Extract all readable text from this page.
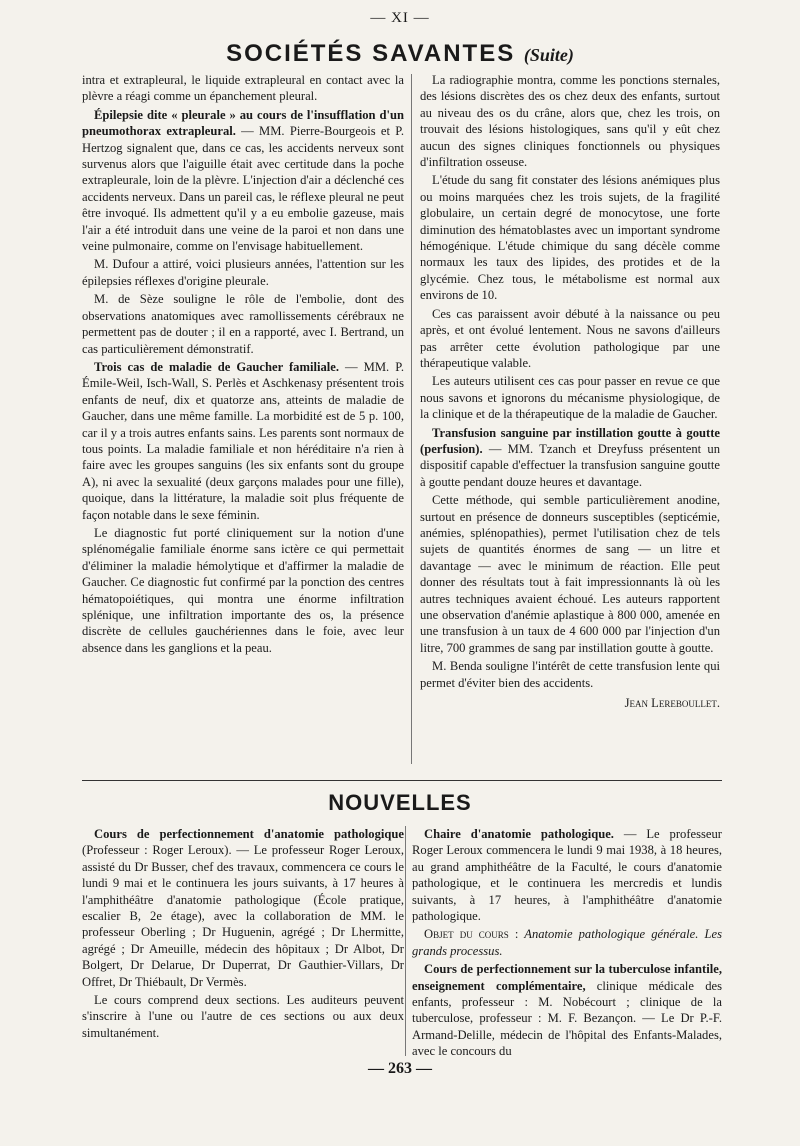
— XI —
SOCIÉTÉS SAVANTES (Suite)

intra et extrapleural, le liquide extrapleural en contact avec la plèvre a réagi comme un épanchement pleural.

Épilepsie dite « pleurale » au cours de l'insufflation d'un pneumothorax extrapleural. — MM. Pierre-Bourgeois et P. Hertzog signalent que, dans ce cas, les accidents nerveux sont survenus alors que l'aiguille était avec certitude dans la poche extrapleurale, loin de la plèvre. L'injection d'air a déclenché ces accidents nerveux. Dans un pareil cas, le réflexe pleural ne peut être invoqué. Ils admettent qu'il y a eu embolie gazeuse, mais l'air a été introduit dans une veine de la paroi et non dans une veine pulmonaire, comme on l'envisage habituellement.

M. Dufour a attiré, voici plusieurs années, l'attention sur les épilepsies réflexes d'origine pleurale.

M. de Sèze souligne le rôle de l'embolie, dont des observations anatomiques avec ramollissements cérébraux ne permettent pas de douter ; il en a rapporté, avec I. Bertrand, un cas particulièrement démonstratif.

Trois cas de maladie de Gaucher familiale. — MM. P. Émile-Weil, Isch-Wall, S. Perlès et Aschkenasy présentent trois enfants de neuf, dix et quatorze ans, atteints de maladie de Gaucher, dans une même famille. La morbidité est de 5 p. 100, car il y a trois autres enfants sains. Les parents sont normaux de tous points. La maladie familiale et non héréditaire n'a rien à faire avec les groupes sanguins (les six enfants sont du groupe A), ni avec la sexualité (deux garçons malades pour une fille), quoique, dans la littérature, la maladie soit plus fréquente de façon notable dans le sexe féminin.

Le diagnostic fut porté cliniquement sur la notion d'une splénomégalie familiale énorme sans ictère ce qui permettait d'éliminer la maladie hémolytique et d'affirmer la maladie de Gaucher. Ce diagnostic fut confirmé par la ponction des centres hématopoiétiques, qui montra une énorme infiltration splénique, une infiltration importante des os, la présence discrète de cellules gauchériennes dans le foie, avec leur absence dans les ganglions et la peau.

La radiographie montra, comme les ponctions sternales, des lésions discrètes des os chez deux des enfants, surtout au niveau des os du crâne, alors que, chez les trois, on trouvait des lésions histologiques, sans qu'il y eût chez aucun des signes cliniques fonctionnels ou physiques d'infiltration osseuse.

L'étude du sang fit constater des lésions anémiques plus ou moins marquées chez les trois sujets, de la fragilité globulaire, un certain degré de monocytose, une forte diminution des hématoblastes avec un important syndrome hémogénique. L'étude chimique du sang décèle comme normaux les taux des lipides, des protides et de la glycémie. Chez tous, le métabolisme est normal aux environs de 10.

Ces cas paraissent avoir débuté à la naissance ou peu après, et ont évolué lentement. Nous ne savons d'ailleurs pas arrêter cette évolution pathologique par une thérapeutique valable.

Les auteurs utilisent ces cas pour passer en revue ce que nous savons et ignorons du mécanisme physiologique, de la clinique et de la thérapeutique de la maladie de Gaucher.

Transfusion sanguine par instillation goutte à goutte (perfusion). — MM. Tzanch et Dreyfuss présentent un dispositif capable d'effectuer la transfusion sanguine goutte à goutte pendant douze heures et davantage.

Cette méthode, qui semble particulièrement anodine, surtout en présence de donneurs susceptibles (septicémie, anémies, splénopathies), permet l'utilisation chez de tels sujets de quantités énormes de sang — un litre et davantage — avec le minimum de réaction. Elle peut donner des résultats tout à fait impressionnants là où les autres techniques avaient échoué. Les auteurs rapportent une observation d'anémie aplastique à 800 000, amenée en une transfusion à un taux de 4 600 000 par l'injection d'un litre, 700 grammes de sang par instillation goutte à goutte.

M. Benda souligne l'intérêt de cette transfusion lente qui permet d'éviter bien des accidents.

Jean Lereboullet.
NOUVELLES

Cours de perfectionnement d'anatomie pathologique (Professeur : Roger Leroux). — Le professeur Roger Leroux, assisté du Dr Busser, chef des travaux, commencera ce cours le lundi 9 mai et le continuera les jours suivants, à 17 heures à l'amphithéâtre d'anatomie pathologique (École pratique, escalier B, 2e étage), avec la collaboration de MM. le professeur Oberling ; Dr Huguenin, agrégé ; Dr Lhermitte, agrégé ; Dr Ameuille, médecin des hôpitaux ; Dr Albot, Dr Bolgert, Dr Delarue, Dr Duperrat, Dr Gauthier-Villars, Dr Offret, Dr Thiébault, Dr Vermès.

Le cours comprend deux sections. Les auditeurs peuvent s'inscrire à l'une ou l'autre de ces sections ou aux deux simultanément.

Chaire d'anatomie pathologique. — Le professeur Roger Leroux commencera le lundi 9 mai 1938, à 18 heures, au grand amphithéâtre de la Faculté, le cours d'anatomie pathologique, et le continuera les mercredis et lundis suivants, à 17 heures, à l'amphithéâtre d'anatomie pathologique.

Objet du cours : Anatomie pathologique générale. Les grands processus.

Cours de perfectionnement sur la tuberculose infantile, enseignement complémentaire, clinique médicale des enfants, professeur : M. Nobécourt ; clinique de la tuberculose, professeur : M. F. Bezançon. — Le Dr P.-F. Armand-Delille, médecin de l'hôpital des Enfants-Malades, avec le concours du

— 263 —
